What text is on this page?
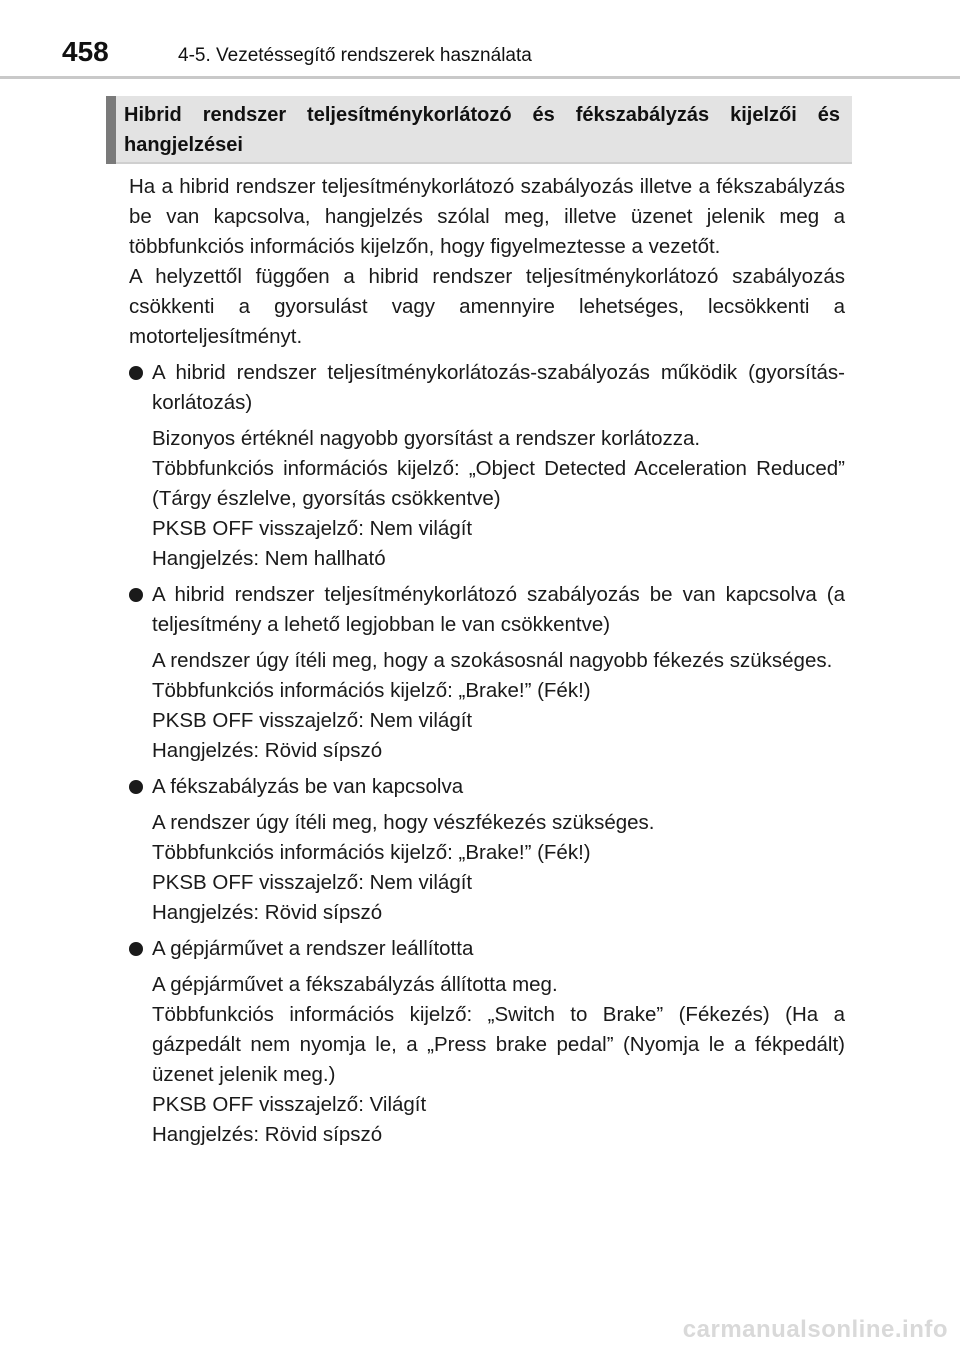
458	4-5. Vezetéssegítő rendszerek használata
Hibrid rendszer teljesítménykorlátozó és fékszabályzás kijelzői és hangjelzései

Ha a hibrid rendszer teljesítménykorlátozó szabályozás illetve a fékszabályzás be van kapcsolva, hangjelzés szólal meg, illetve üzenet jelenik meg a többfunkciós információs kijelzőn, hogy figyelmeztesse a vezetőt.

A helyzettől függően a hibrid rendszer teljesítménykorlátozó szabályozás csökkenti a gyorsulást vagy amennyire lehetséges, lecsökkenti a motorteljesítményt.

A hibrid rendszer teljesítménykorlátozás-szabályozás működik (gyorsítás-korlátozás)
Bizonyos értéknél nagyobb gyorsítást a rendszer korlátozza.
Többfunkciós információs kijelző: „Object Detected Acceleration Reduced” (Tárgy észlelve, gyorsítás csökkentve)
PKSB OFF visszajelző: Nem világít
Hangjelzés: Nem hallható
A hibrid rendszer teljesítménykorlátozó szabályozás be van kapcsolva (a teljesítmény a lehető legjobban le van csökkentve)
A rendszer úgy ítéli meg, hogy a szokásosnál nagyobb fékezés szükséges.
Többfunkciós információs kijelző: „Brake!” (Fék!)
PKSB OFF visszajelző: Nem világít
Hangjelzés: Rövid sípszó
A fékszabályzás be van kapcsolva
A rendszer úgy ítéli meg, hogy vészfékezés szükséges.
Többfunkciós információs kijelző: „Brake!” (Fék!)
PKSB OFF visszajelző: Nem világít
Hangjelzés: Rövid sípszó
A gépjárművet a rendszer leállította
A gépjárművet a fékszabályzás állította meg.
Többfunkciós információs kijelző: „Switch to Brake” (Fékezés) (Ha a gázpedált nem nyomja le, a „Press brake pedal” (Nyomja le a fékpedált) üzenet jelenik meg.)
PKSB OFF visszajelző: Világít
Hangjelzés: Rövid sípszó
carmanualsonline.info
